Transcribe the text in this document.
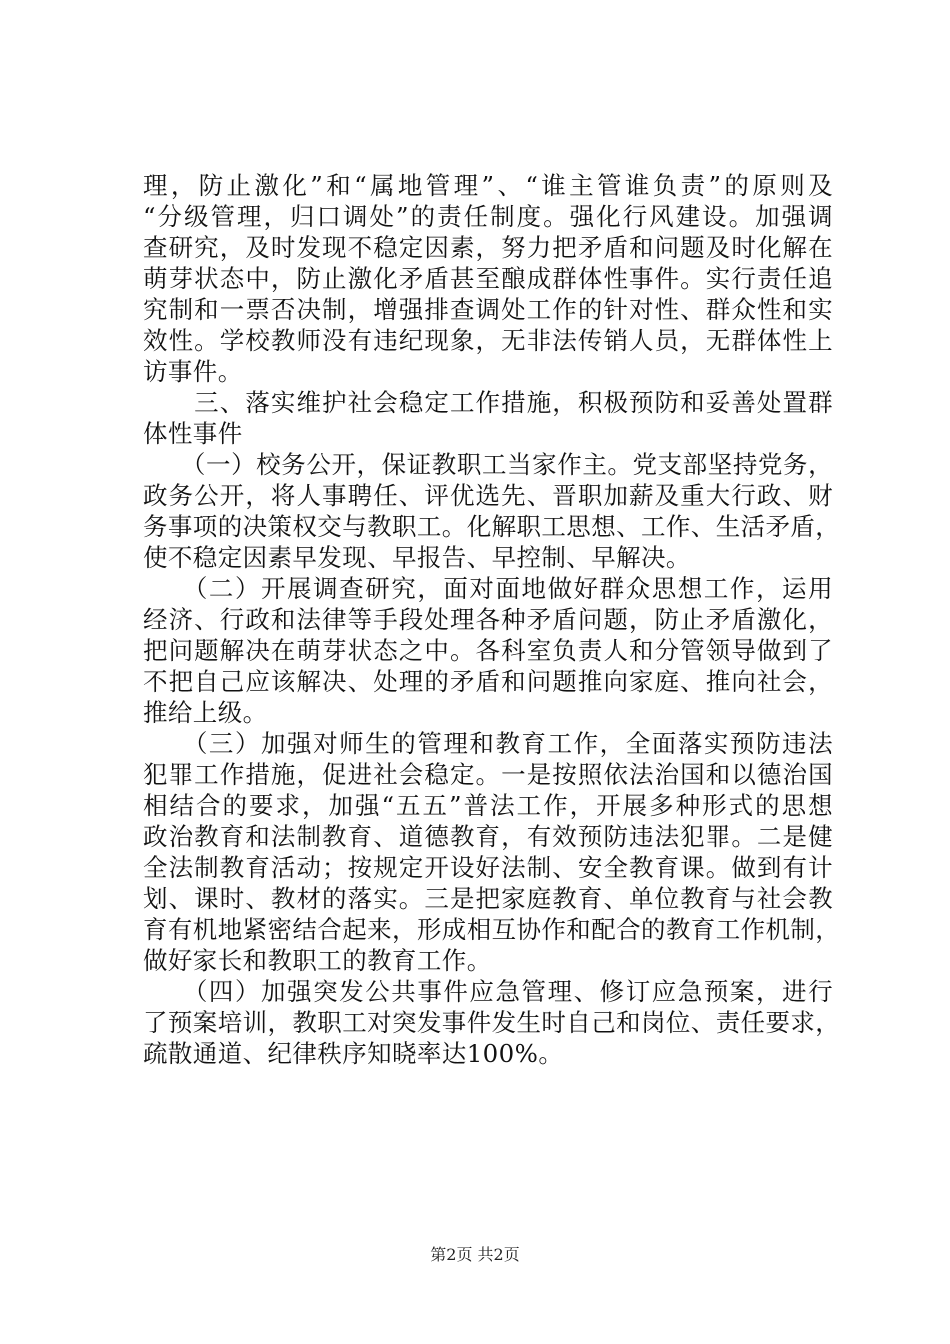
理，防止激化”和“属地管理”、“谁主管谁负责”的原则及
“分级管理，归口调处”的责任制度。强化行风建设。加强调
查研究，及时发现不稳定因素，努力把矛盾和问题及时化解在
萌芽状态中，防止激化矛盾甚至酿成群体性事件。实行责任追
究制和一票否决制，增强排查调处工作的针对性、群众性和实
效性。学校教师没有违纪现象，无非法传销人员，无群体性上
访事件。
　　三、落实维护社会稳定工作措施，积极预防和妥善处置群
体性事件
　　（一）校务公开，保证教职工当家作主。党支部坚持党务，
政务公开，将人事聘任、评优选先、晋职加薪及重大行政、财
务事项的决策权交与教职工。化解职工思想、工作、生活矛盾，
使不稳定因素早发现、早报告、早控制、早解决。
　　（二）开展调查研究，面对面地做好群众思想工作，运用
经济、行政和法律等手段处理各种矛盾问题，防止矛盾激化，
把问题解决在萌芽状态之中。各科室负责人和分管领导做到了
不把自己应该解决、处理的矛盾和问题推向家庭、推向社会，
推给上级。
　　（三）加强对师生的管理和教育工作，全面落实预防违法
犯罪工作措施，促进社会稳定。一是按照依法治国和以德治国
相结合的要求，加强“五五”普法工作，开展多种形式的思想
政治教育和法制教育、道德教育，有效预防违法犯罪。二是健
全法制教育活动；按规定开设好法制、安全教育课。做到有计
划、课时、教材的落实。三是把家庭教育、单位教育与社会教
育有机地紧密结合起来，形成相互协作和配合的教育工作机制，
做好家长和教职工的教育工作。
　　（四）加强突发公共事件应急管理、修订应急预案，进行
了预案培训，教职工对突发事件发生时自己和岗位、责任要求，
疏散通道、纪律秩序知晓率达100%。
第2页 共2页
